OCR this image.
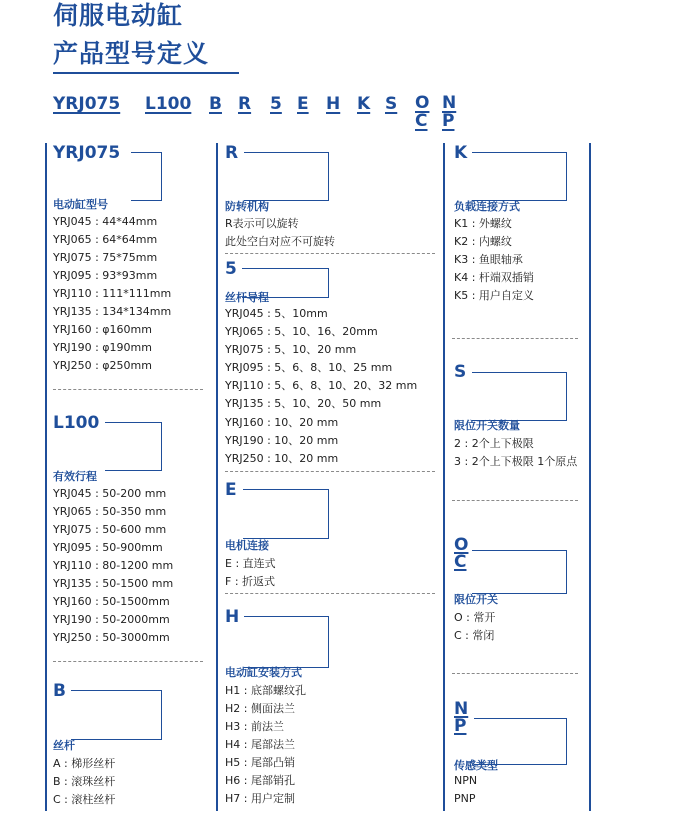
伺服电动缸
产品型号定义
YRJ075 L100 B R 5 E H K S O
C
N
P
YRJ075
电动缸型号
YRJ045 : 44*44mm
YRJ065 : 64*64mm
YRJ075 : 75*75mm
YRJ095 : 93*93mm
YRJ110 : 111*111mm
YRJ135 : 134*134mm
YRJ160 : φ160mm
YRJ190 : φ190mm
YRJ250 : φ250mm
L100
有效行程
YRJ045 : 50-200 mm
YRJ065 : 50-350 mm
YRJ075 : 50-600 mm
YRJ095 : 50-900mm
YRJ110 : 80-1200 mm
YRJ135 : 50-1500 mm
YRJ160 : 50-1500mm
YRJ190 : 50-2000mm
YRJ250 : 50-3000mm
B
丝杆
A : 梯形丝杆
B : 滚珠丝杆
C : 滚柱丝杆
R
防转机构
R表示可以旋转
此处空白对应不可旋转
5
丝杆导程
YRJ045 : 5、10mm
YRJ065 : 5、10、16、20mm
YRJ075 : 5、10、20 mm
YRJ095 : 5、6、8、10、25 mm
YRJ110 : 5、6、8、10、20、32 mm
YRJ135 : 5、10、20、50 mm
YRJ160 : 10、20 mm
YRJ190 : 10、20 mm
YRJ250 : 10、20 mm
E
电机连接
E : 直连式
F : 折返式
H
电动缸安装方式
H1 : 底部螺纹孔
H2 : 侧面法兰
H3 : 前法兰
H4 : 尾部法兰
H5 : 尾部凸销
H6 : 尾部销孔
H7 : 用户定制
K
负载连接方式
K1 : 外螺纹
K2 : 内螺纹
K3 : 鱼眼轴承
K4 : 杆端双插销
K5 : 用户自定义
S
限位开关数量
2 : 2个上下极限
3 : 2个上下极限 1个原点
O
C
限位开关
O : 常开
C : 常闭
N
P
传感类型
NPN
PNP
